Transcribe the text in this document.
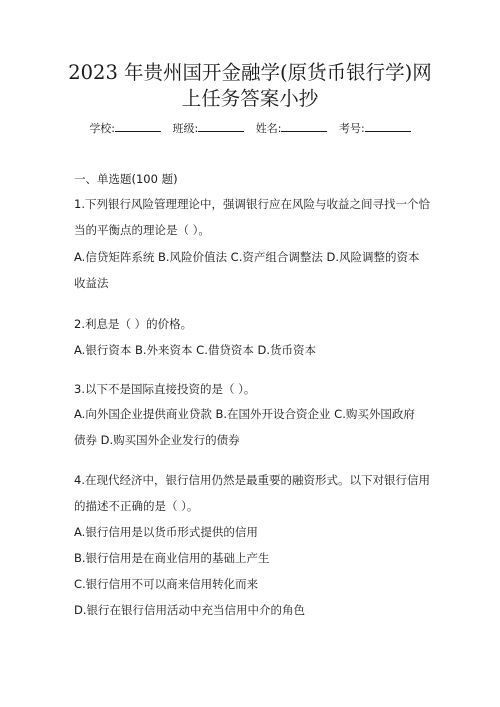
2023 年贵州国开金融学(原货币银行学)网
上任务答案小抄
学校:	班级:	姓名:	考号:
一、单选题(100 题)
1.下列银行风险管理理论中，强调银行应在风险与收益之间寻找一个恰
当的平衡点的理论是（ ）。
A.信贷矩阵系统 B.风险价值法 C.资产组合调整法 D.风险调整的资本
收益法
2.利息是（ ）的价格。
A.银行资本 B.外来资本 C.借贷资本 D.货币资本
3.以下不是国际直接投资的是（ ）。
A.向外国企业提供商业贷款 B.在国外开设合资企业 C.购买外国政府
债券 D.购买国外企业发行的债券
4.在现代经济中，银行信用仍然是最重要的融资形式。以下对银行信用
的描述不正确的是（ ）。
A.银行信用是以货币形式提供的信用
B.银行信用是在商业信用的基础上产生
C.银行信用不可以商来信用转化而来
D.银行在银行信用活动中充当信用中介的角色
